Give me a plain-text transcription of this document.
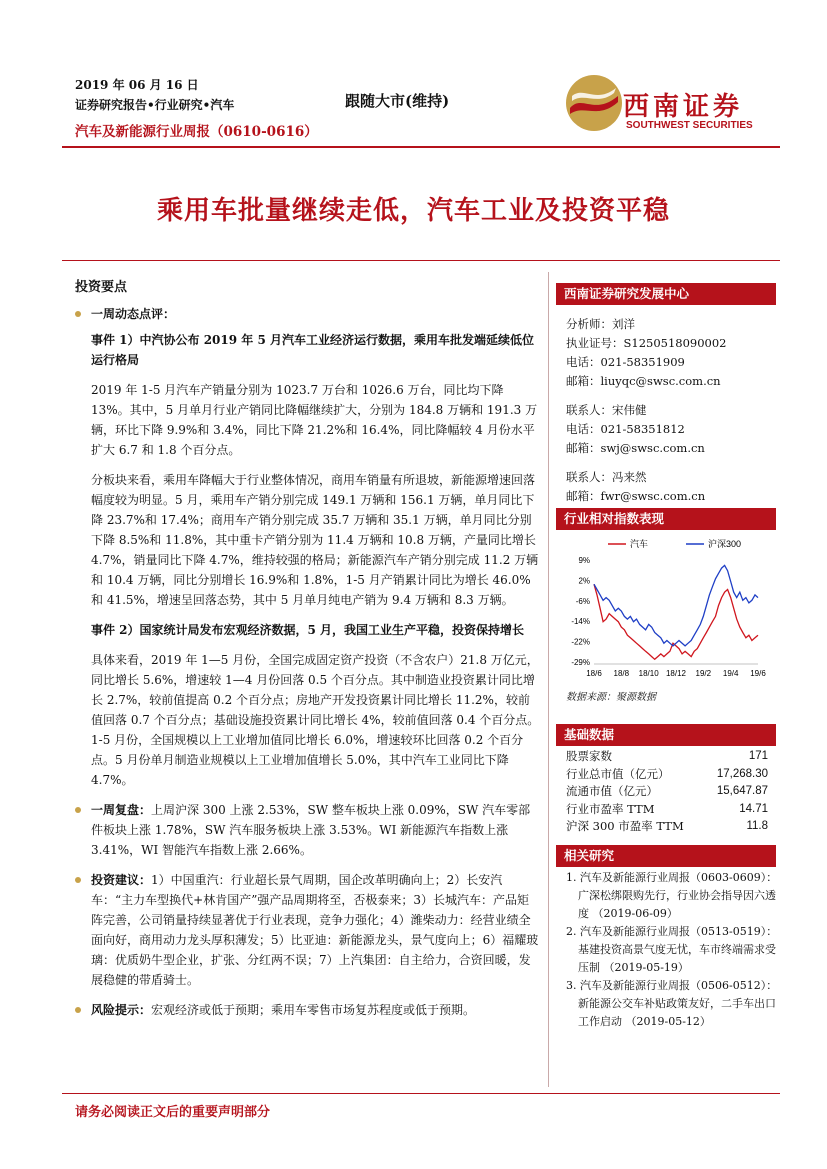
2019 年 06 月 16 日
证券研究报告•行业研究•汽车
汽车及新能源行业周报（0610-0616）
跟随大市(维持)	西南证券
SOUTHWEST SECURITIES
乘用车批量继续走低，汽车工业及投资平稳

投资要点

一周动态点评：

事件 1）中汽协公布 2019 年 5 月汽车工业经济运行数据，乘用车批发端延续低位运行格局

2019 年 1-5 月汽车产销量分别为 1023.7 万台和 1026.6 万台，同比均下降 13%。其中，5 月单月行业产销同比降幅继续扩大，分别为 184.8 万辆和 191.3 万辆，环比下降 9.9%和 3.4%，同比下降 21.2%和 16.4%，同比降幅较 4 月份水平扩大 6.7 和 1.8 个百分点。

分板块来看，乘用车降幅大于行业整体情况，商用车销量有所退坡，新能源增速回落幅度较为明显。5 月，乘用车产销分别完成 149.1 万辆和 156.1 万辆，单月同比下降 23.7%和 17.4%；商用车产销分别完成 35.7 万辆和 35.1 万辆，单月同比分别下降 8.5%和 11.8%，其中重卡产销分别为 11.4 万辆和 10.8 万辆，产量同比增长 4.7%，销量同比下降 4.7%，维持较强的格局；新能源汽车产销分别完成 11.2 万辆和 10.4 万辆，同比分别增长 16.9%和 1.8%，1-5 月产销累计同比为增长 46.0%和 41.5%，增速呈回落态势，其中 5 月单月纯电产销为 9.4 万辆和 8.3 万辆。

事件 2）国家统计局发布宏观经济数据，5 月，我国工业生产平稳，投资保持增长

具体来看，2019 年 1—5 月份，全国完成固定资产投资（不含农户）21.8 万亿元，同比增长 5.6%，增速较 1—4 月份回落 0.5 个百分点。其中制造业投资累计同比增长 2.7%，较前值提高 0.2 个百分点；房地产开发投资累计同比增长 11.2%，较前值回落 0.7 个百分点；基础设施投资累计同比增长 4%，较前值回落 0.4 个百分点。1-5 月份，全国规模以上工业增加值同比增长 6.0%，增速较环比回落 0.2 个百分点。5 月份单月制造业规模以上工业增加值增长 5.0%，其中汽车工业同比下降 4.7%。

一周复盘：上周沪深 300 上涨 2.53%，SW 整车板块上涨 0.09%，SW 汽车零部件板块上涨 1.78%，SW 汽车服务板块上涨 3.53%。WI 新能源汽车指数上涨 3.41%，WI 智能汽车指数上涨 2.66%。

投资建议：1）中国重汽：行业超长景气周期，国企改革明确向上；2）长安汽车：“主力车型换代+林肯国产”强产品周期将至，否极泰来；3）长城汽车：产品矩阵完善，公司销量持续显著优于行业表现，竞争力强化；4）潍柴动力：经营业绩全面向好，商用动力龙头厚积薄发；5）比亚迪：新能源龙头，景气度向上；6）福耀玻璃：优质奶牛型企业，扩张、分红两不误；7）上汽集团：自主给力，合资回暖，发展稳健的带盾骑士。

风险提示：宏观经济或低于预期；乘用车零售市场复苏程度或低于预期。

西南证券研究发展中心
分析师：刘洋
执业证号：S1250518090002
电话：021-58351909
邮箱：liuyqc@swsc.com.cn
联系人：宋伟健
电话：021-58351812
邮箱：swj@swsc.com.cn
联系人：冯来然
邮箱：fwr@swsc.com.cn
行业相对指数表现
汽车	沪深300
9%
2%
-6%
-14%
-22%
-29%
18/6 18/8 18/10 18/12 19/2 19/4 19/6
数据来源：聚源数据
基础数据
股票家数	171
行业总市值（亿元）	17,268.30
流通市值（亿元）	15,647.87
行业市盈率 TTM	14.71
沪深 300 市盈率 TTM	11.8
相关研究
1. 汽车及新能源行业周报（0603-0609）：广深松绑限购先行，行业协会指导因六透度 （2019-06-09）
2. 汽车及新能源行业周报（0513-0519）：基建投资高景气度无忧，车市终端需求受压制 （2019-05-19）
3. 汽车及新能源行业周报（0506-0512）：新能源公交车补贴政策友好，二手车出口工作启动 （2019-05-12）
请务必阅读正文后的重要声明部分
